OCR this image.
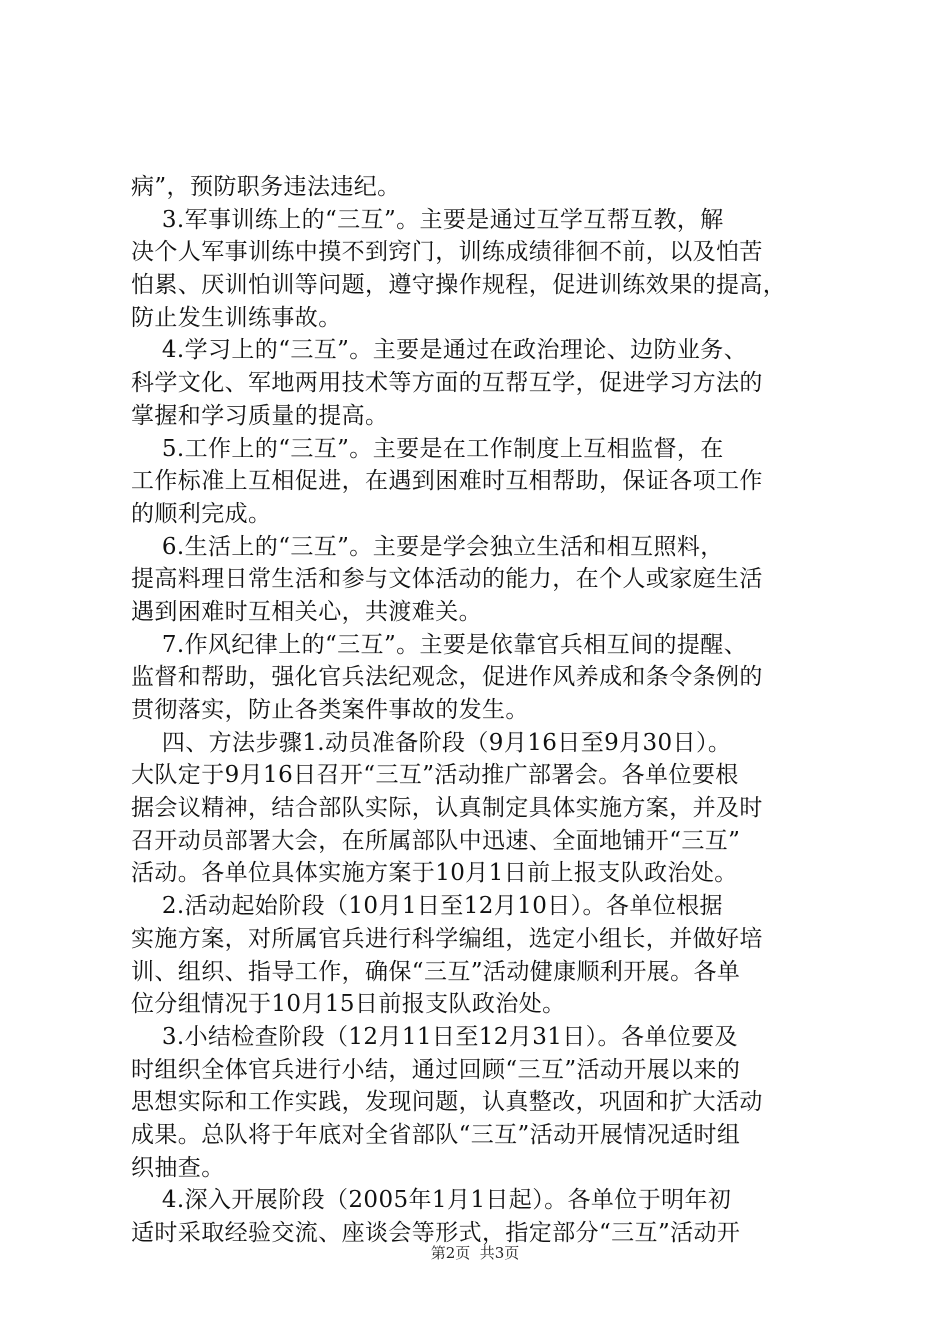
病”，预防职务违法违纪。
3.军事训练上的“三互”。主要是通过互学互帮互教，解
决个人军事训练中摸不到窍门，训练成绩徘徊不前，以及怕苦
怕累、厌训怕训等问题，遵守操作规程，促进训练效果的提高，
防止发生训练事故。
4.学习上的“三互”。主要是通过在政治理论、边防业务、
科学文化、军地两用技术等方面的互帮互学，促进学习方法的
掌握和学习质量的提高。
5.工作上的“三互”。主要是在工作制度上互相监督，在
工作标准上互相促进，在遇到困难时互相帮助，保证各项工作
的顺利完成。
6.生活上的“三互”。主要是学会独立生活和相互照料，
提高料理日常生活和参与文体活动的能力，在个人或家庭生活
遇到困难时互相关心，共渡难关。
7.作风纪律上的“三互”。主要是依靠官兵相互间的提醒、
监督和帮助，强化官兵法纪观念，促进作风养成和条令条例的
贯彻落实，防止各类案件事故的发生。
四、方法步骤1.动员准备阶段（9月16日至9月30日）。
大队定于9月16日召开“三互”活动推广部署会。各单位要根
据会议精神，结合部队实际，认真制定具体实施方案，并及时
召开动员部署大会，在所属部队中迅速、全面地铺开“三互”
活动。各单位具体实施方案于10月1日前上报支队政治处。
2.活动起始阶段（10月1日至12月10日）。各单位根据
实施方案，对所属官兵进行科学编组，选定小组长，并做好培
训、组织、指导工作，确保“三互”活动健康顺利开展。各单
位分组情况于10月15日前报支队政治处。
3.小结检查阶段（12月11日至12月31日）。各单位要及
时组织全体官兵进行小结，通过回顾“三互”活动开展以来的
思想实际和工作实践，发现问题，认真整改，巩固和扩大活动
成果。总队将于年底对全省部队“三互”活动开展情况适时组
织抽查。
4.深入开展阶段（2005年1月1日起）。各单位于明年初
适时采取经验交流、座谈会等形式，指定部分“三互”活动开
第2页  共3页
